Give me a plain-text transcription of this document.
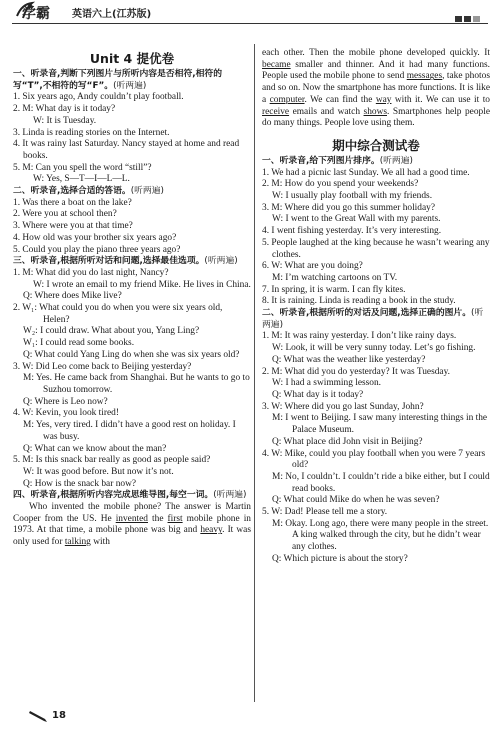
学霸 英语六上(江苏版)

Unit 4 提优卷

一、听录音,判断下列图片与所听内容是否相符,相符的写“T”,不相符的写“F”。(听两遍)

1. Six years ago, Andy couldn’t play football.

2. M: What day is it today?

W: It is Tuesday.

3. Linda is reading stories on the Internet.

4. It was rainy last Saturday. Nancy stayed at home and read books.

5. M: Can you spell the word “still”?

W: Yes, S—T—I—L—L.

二、听录音,选择合适的答语。(听两遍)

1. Was there a boat on the lake?

2. Were you at school then?

3. Where were you at that time?

4. How old was your brother six years ago?

5. Could you play the piano three years ago?

三、听录音,根据所听对话和问题,选择最佳选项。(听两遍)

1. M: What did you do last night, Nancy?

W: I wrote an email to my friend Mike. He lives in China.

Q: Where does Mike live?

2. W₁: What could you do when you were six years old, Helen?

W₂: I could draw. What about you, Yang Ling?

W₁: I could read some books.

Q: What could Yang Ling do when she was six years old?

3. W: Did Leo come back to Beijing yesterday?

M: Yes. He came back from Shanghai. But he wants to go to Suzhou tomorrow.

Q: Where is Leo now?

4. W: Kevin, you look tired!

M: Yes, very tired. I didn’t have a good rest on holiday. I was busy.

Q: What can we know about the man?

5. M: Is this snack bar really as good as people said?

W: It was good before. But now it’s not.

Q: How is the snack bar now?

四、听录音,根据所听内容完成思维导图,每空一词。(听两遍)

Who invented the mobile phone? The answer is Martin Cooper from the US. He invented the first mobile phone in 1973. At that time, a mobile phone was big and heavy. It was only used for talking with

each other. Then the mobile phone developed quickly. It became smaller and thinner. And it had many functions. People used the mobile phone to send messages, take photos and so on. Now the smartphone has more functions. It is like a computer. We can find the way with it. We can use it to receive emails and watch shows. Smartphones help people do many things. People love using them.

期中综合测试卷

一、听录音,给下列图片排序。(听两遍)

1. We had a picnic last Sunday. We all had a good time.

2. M: How do you spend your weekends?

W: I usually play football with my friends.

3. M: Where did you go this summer holiday?

W: I went to the Great Wall with my parents.

4. I went fishing yesterday. It’s very interesting.

5. People laughed at the king because he wasn’t wearing any clothes.

6. W: What are you doing?

M: I’m watching cartoons on TV.

7. In spring, it is warm. I can fly kites.

8. It is raining. Linda is reading a book in the study.

二、听录音,根据所听的对话及问题,选择正确的图片。(听两遍)

1. M: It was rainy yesterday. I don’t like rainy days.

W: Look, it will be very sunny today. Let’s go fishing.

Q: What was the weather like yesterday?

2. M: What did you do yesterday? It was Tuesday.

W: I had a swimming lesson.

Q: What day is it today?

3. W: Where did you go last Sunday, John?

M: I went to Beijing. I saw many interesting things in the Palace Museum.

Q: What place did John visit in Beijing?

4. W: Mike, could you play football when you were 7 years old?

M: No, I couldn’t. I couldn’t ride a bike either, but I could read books.

Q: What could Mike do when he was seven?

5. W: Dad! Please tell me a story.

M: Okay. Long ago, there were many people in the street. A king walked through the city, but he didn’t wear any clothes.

Q: Which picture is about the story?

18
